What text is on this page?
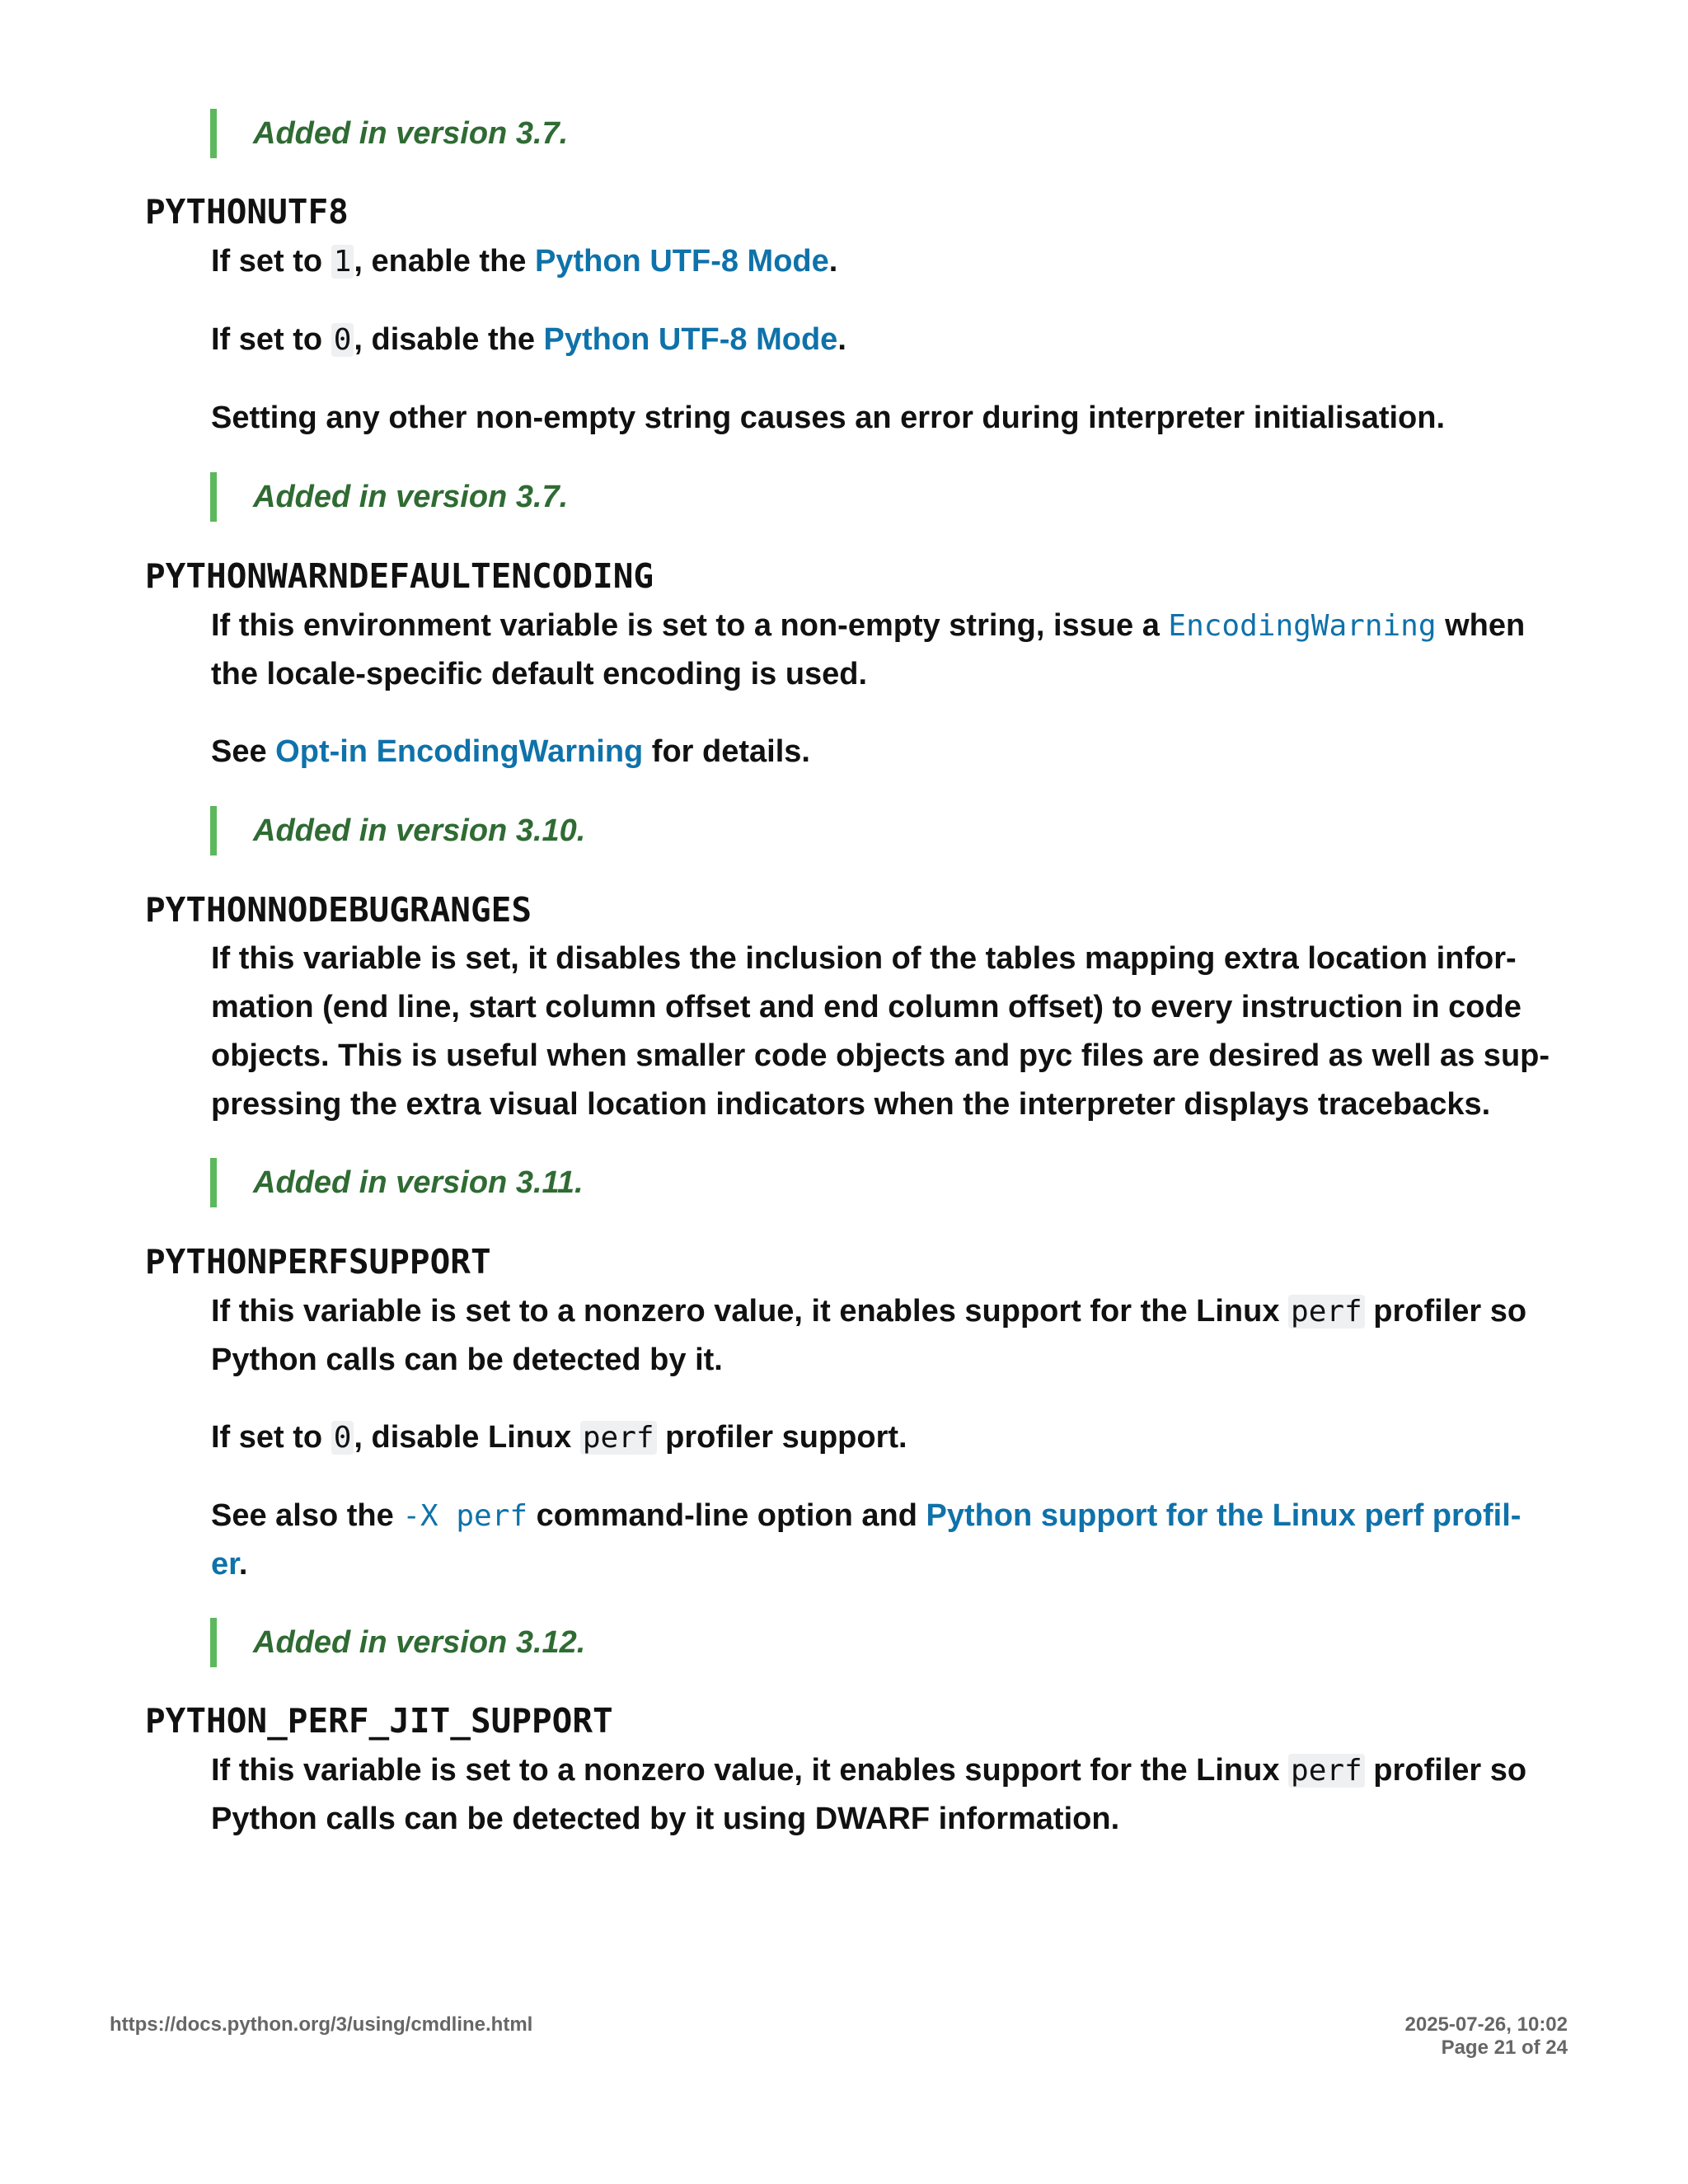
Added in version 3.7.
PYTHONUTF8
If set to 1, enable the Python UTF-8 Mode.
If set to 0, disable the Python UTF-8 Mode.
Setting any other non-empty string causes an error during interpreter initialisation.
Added in version 3.7.
PYTHONWARNDEFAULTENCODING
If this environment variable is set to a non-empty string, issue a EncodingWarning when
the locale-specific default encoding is used.
See Opt-in EncodingWarning for details.
Added in version 3.10.
PYTHONNODEBUGRANGES
If this variable is set, it disables the inclusion of the tables mapping extra location infor-
mation (end line, start column offset and end column offset) to every instruction in code
objects. This is useful when smaller code objects and pyc files are desired as well as sup-
pressing the extra visual location indicators when the interpreter displays tracebacks.
Added in version 3.11.
PYTHONPERFSUPPORT
If this variable is set to a nonzero value, it enables support for the Linux perf profiler so
Python calls can be detected by it.
If set to 0, disable Linux perf profiler support.
See also the -X perf command-line option and Python support for the Linux perf profil-
er.
Added in version 3.12.
PYTHON_PERF_JIT_SUPPORT
If this variable is set to a nonzero value, it enables support for the Linux perf profiler so
Python calls can be detected by it using DWARF information.
https://docs.python.org/3/using/cmdline.html	2025-07-26, 10:02
Page 21 of 24
